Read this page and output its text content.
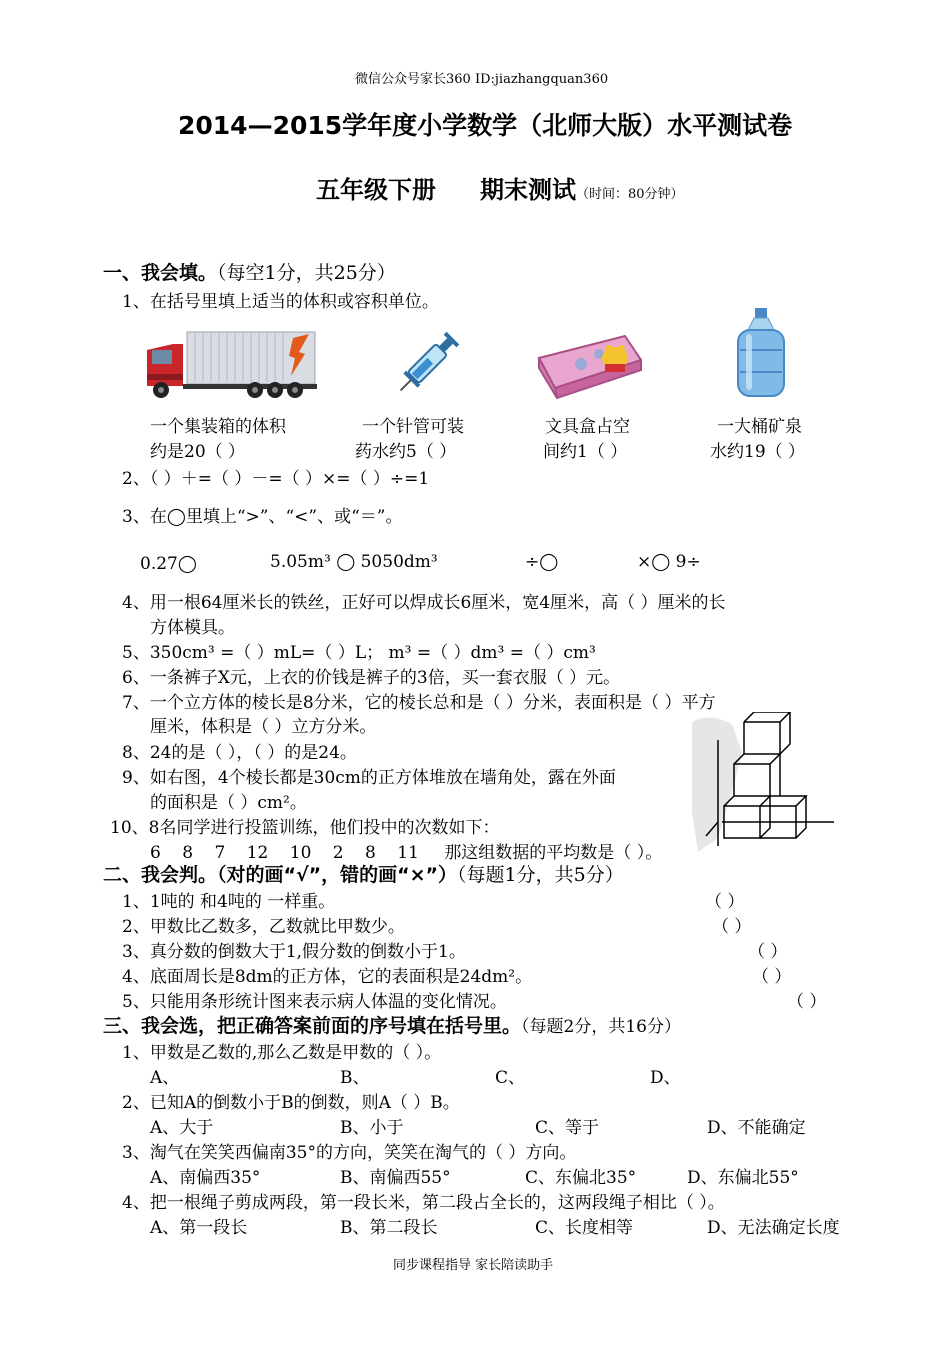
微信公众号家长360 ID:jiazhangquan360
2014—2015学年度小学数学（北师大版）水平测试卷
五年级下册 期末测试（时间：80分钟）
一、我会填。（每空1分，共25分）
1、在括号里填上适当的体积或容积单位。
一个集装箱的体积
约是20（ ）
一个针管可装
药水约5（ ）
文具盒占空
间约1（ ）
一大桶矿泉
水约19（ ）
2、（ ）＋=（ ）－=（ ）×=（ ）÷=1
3、在◯里填上“>”、“<”、或“＝”。
0.27◯	5.05m³ ◯ 5050dm³	÷◯	×◯ 9÷
4、用一根64厘米长的铁丝，正好可以焊成长6厘米，宽4厘米，高（ ）厘米的长
方体模具。
5、350cm³ =（ ）mL=（ ）L； m³ =（ ）dm³ =（ ）cm³
6、一条裤子X元，上衣的价钱是裤子的3倍，买一套衣服（ ）元。
7、一个立方体的棱长是8分米，它的棱长总和是（ ）分米，表面积是（ ）平方
厘米，体积是（ ）立方分米。
8、24的是（ ），（ ）的是24。
9、如右图，4个棱长都是30cm的正方体堆放在墙角处，露在外面
的面积是（ ）cm²。
10、8名同学进行投篮训练，他们投中的次数如下：
6 8 7 12 10 2 8 11 那这组数据的平均数是（ ）。
二、我会判。（对的画“√”，错的画“×”）（每题1分，共5分）
1、1吨的 和4吨的 一样重。	（ ）
2、甲数比乙数多，乙数就比甲数少。	（ ）
3、真分数的倒数大于1,假分数的倒数小于1。	（ ）
4、底面周长是8dm的正方体，它的表面积是24dm²。	（ ）
5、只能用条形统计图来表示病人体温的变化情况。	（ ）
三、我会选，把正确答案前面的序号填在括号里。（每题2分，共16分）
1、甲数是乙数的,那么乙数是甲数的（ ）。
A、	B、	C、	D、
2、已知A的倒数小于B的倒数，则A（ ）B。
A、大于	B、小于	C、等于	D、不能确定
3、淘气在笑笑西偏南35°的方向，笑笑在淘气的（ ）方向。
A、南偏西35°	B、南偏西55°	C、东偏北35°	D、东偏北55°
4、把一根绳子剪成两段，第一段长米，第二段占全长的，这两段绳子相比（ ）。
A、第一段长	B、第二段长	C、长度相等	D、无法确定长度
同步课程指导 家长陪读助手
